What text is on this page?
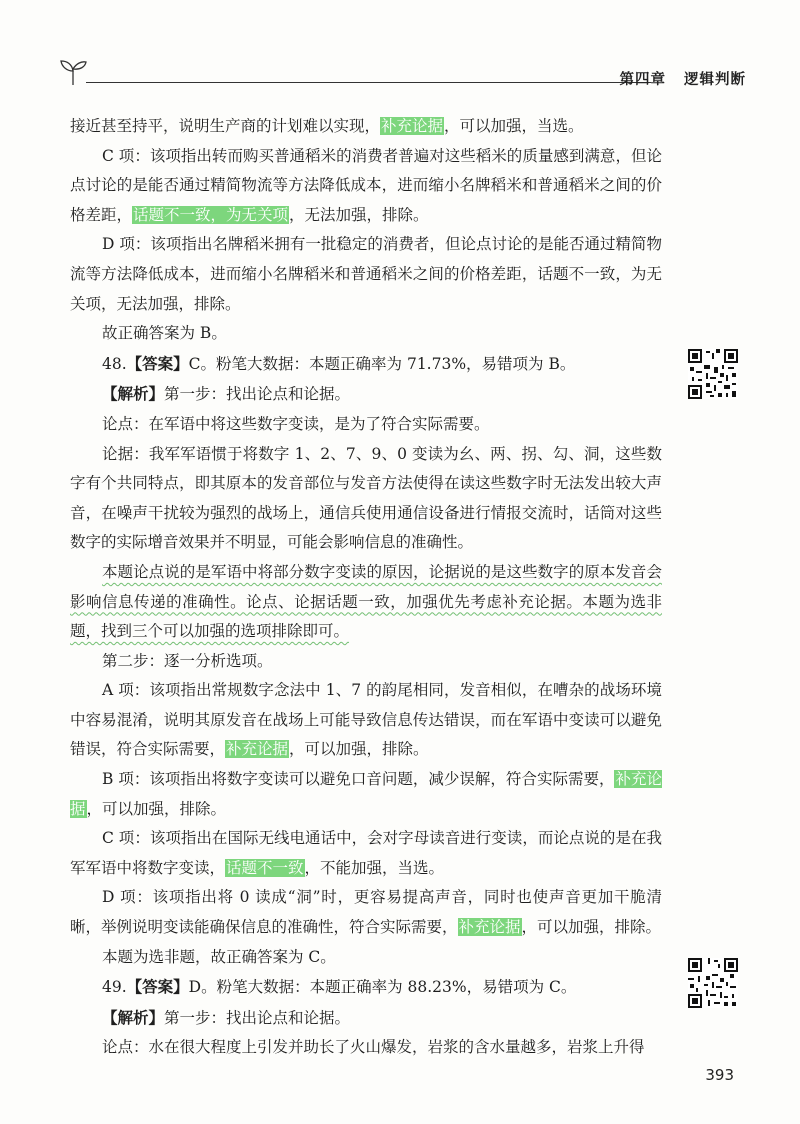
第四章 逻辑判断

接近甚至持平，说明生产商的计划难以实现，补充论据，可以加强，当选。

C 项：该项指出转而购买普通稻米的消费者普遍对这些稻米的质量感到满意，但论点讨论的是能否通过精简物流等方法降低成本，进而缩小名牌稻米和普通稻米之间的价格差距，话题不一致，为无关项，无法加强，排除。

D 项：该项指出名牌稻米拥有一批稳定的消费者，但论点讨论的是能否通过精简物流等方法降低成本，进而缩小名牌稻米和普通稻米之间的价格差距，话题不一致，为无关项，无法加强，排除。

故正确答案为 B。

48.【答案】C。粉笔大数据：本题正确率为 71.73%，易错项为 B。

【解析】第一步：找出论点和论据。

论点：在军语中将这些数字变读，是为了符合实际需要。

论据：我军军语惯于将数字 1、2、7、9、0 变读为幺、两、拐、勾、洞，这些数字有个共同特点，即其原本的发音部位与发音方法使得在读这些数字时无法发出较大声音，在噪声干扰较为强烈的战场上，通信兵使用通信设备进行情报交流时，话筒对这些数字的实际增音效果并不明显，可能会影响信息的准确性。

本题论点说的是军语中将部分数字变读的原因，论据说的是这些数字的原本发音会影响信息传递的准确性。论点、论据话题一致，加强优先考虑补充论据。本题为选非题，找到三个可以加强的选项排除即可。

第二步：逐一分析选项。

A 项：该项指出常规数字念法中 1、7 的韵尾相同，发音相似，在嘈杂的战场环境中容易混淆，说明其原发音在战场上可能导致信息传达错误，而在军语中变读可以避免错误，符合实际需要，补充论据，可以加强，排除。

B 项：该项指出将数字变读可以避免口音问题，减少误解，符合实际需要，补充论据，可以加强，排除。

C 项：该项指出在国际无线电通话中，会对字母读音进行变读，而论点说的是在我军军语中将数字变读，话题不一致，不能加强，当选。

D 项：该项指出将 0 读成“洞”时，更容易提高声音，同时也使声音更加干脆清晰，举例说明变读能确保信息的准确性，符合实际需要，补充论据，可以加强，排除。

本题为选非题，故正确答案为 C。

49.【答案】D。粉笔大数据：本题正确率为 88.23%，易错项为 C。

【解析】第一步：找出论点和论据。

论点：水在很大程度上引发并助长了火山爆发，岩浆的含水量越多，岩浆上升得

393
